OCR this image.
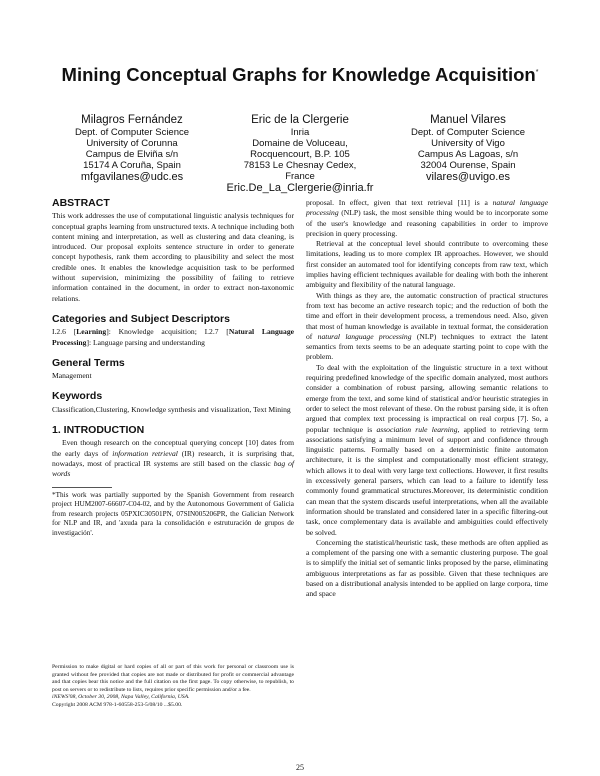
Mining Conceptual Graphs for Knowledge Acquisition*
Milagros Fernández
Dept. of Computer Science
University of Corunna
Campus de Elviña s/n
15174 A Coruña, Spain
mfgavilanes@udc.es
Eric de la Clergerie
Inria
Domaine de Voluceau,
Rocquencourt, B.P. 105
78153 Le Chesnay Cedex,
France
Eric.De_La_Clergerie@inria.fr
Manuel Vilares
Dept. of Computer Science
University of Vigo
Campus As Lagoas, s/n
32004 Ourense, Spain
vilares@uvigo.es
ABSTRACT

This work addresses the use of computational linguistic analysis techniques for conceptual graphs learning from unstructured texts. A technique including both content mining and interpretation, as well as clustering and data cleaning, is introduced. Our proposal exploits sentence structure in order to generate concept hypothesis, rank them according to plausibility and select the most credible ones. It enables the knowledge acquisition task to be performed without supervision, minimizing the possibility of failing to retrieve information contained in the document, in order to extract non-taxonomic relations.

Categories and Subject Descriptors

I.2.6 [Learning]: Knowledge acquisition; I.2.7 [Natural Language Processing]: Language parsing and understanding

General Terms

Management

Keywords

Classification,Clustering, Knowledge synthesis and visualization, Text Mining

1. INTRODUCTION

Even though research on the conceptual querying concept [10] dates from the early days of information retrieval (IR) research, it is surprising that, nowadays, most of practical IR systems are still based on the classic bag of words

*This work was partially supported by the Spanish Government from research project HUM2007-66607-C04-02, and by the Autonomous Government of Galicia from research projects 05PXIC30501PN, 07SIN005206PR, the Galician Network for NLP and IR, and 'axuda para la consolidación e estruturación de grupos de investigación'.

Permission to make digital or hard copies of all or part of this work for personal or classroom use is granted without fee provided that copies are not made or distributed for profit or commercial advantage and that copies bear this notice and the full citation on the first page. To copy otherwise, to republish, to post on servers or to redistribute to lists, requires prior specific permission and/or a fee.
iNEWS'08, October 30, 2008, Napa Valley, California, USA.
Copyright 2008 ACM 978-1-60558-253-5/08/10 ...$5.00.

proposal. In effect, given that text retrieval [11] is a natural language processing (NLP) task, the most sensible thing would be to incorporate some of the user's knowledge and reasoning capabilities in order to improve precision in query processing.

Retrieval at the conceptual level should contribute to overcoming these limitations, leading us to more complex IR approaches. However, we should first consider an automated tool for identifying concepts from raw text, which implies having efficient techniques available for dealing with both the inherent ambiguity and flexibility of the natural language.

With things as they are, the automatic construction of practical structures from text has become an active research topic; and the reduction of both the time and effort in their development process, a tremendous need. Also, given that most of human knowledge is available in textual format, the consideration of natural language processing (NLP) techniques to extract the latent semantics from texts seems to be an adequate starting point to cope with the problem.

To deal with the exploitation of the linguistic structure in a text without requiring predefined knowledge of the specific domain analyzed, most authors consider a combination of robust parsing, allowing semantic relations to emerge from the text, and some kind of statistical and/or heuristic strategies in order to select the most relevant of these. On the robust parsing side, it is often argued that complex text processing is impractical on real corpus [7]. So, a popular technique is association rule learning, applied to retrieving term associations satisfying a minimum level of support and confidence through linguistic patterns. Formally based on a deterministic finite automaton architecture, it is the simplest and computationally most efficient strategy, which allows it to deal with very large text collections. However, it first results in excessively general parsers, which can lead to a failure to identify less commonly found grammatical structures.Moreover, its deterministic condition can mean that the system discards useful interpretations, when all the available information should be translated and considered later in a specific filtering-out task, once complementary data is available and ambiguities could effectively be solved.

Concerning the statistical/heuristic task, these methods are often applied as a complement of the parsing one with a semantic clustering purpose. The goal is to simplify the initial set of semantic links proposed by the parse, eliminating ambiguous interpretations as far as possible. Given that these techniques are based on a distributional analysis intended to be applied on large corpora, time and space

25
